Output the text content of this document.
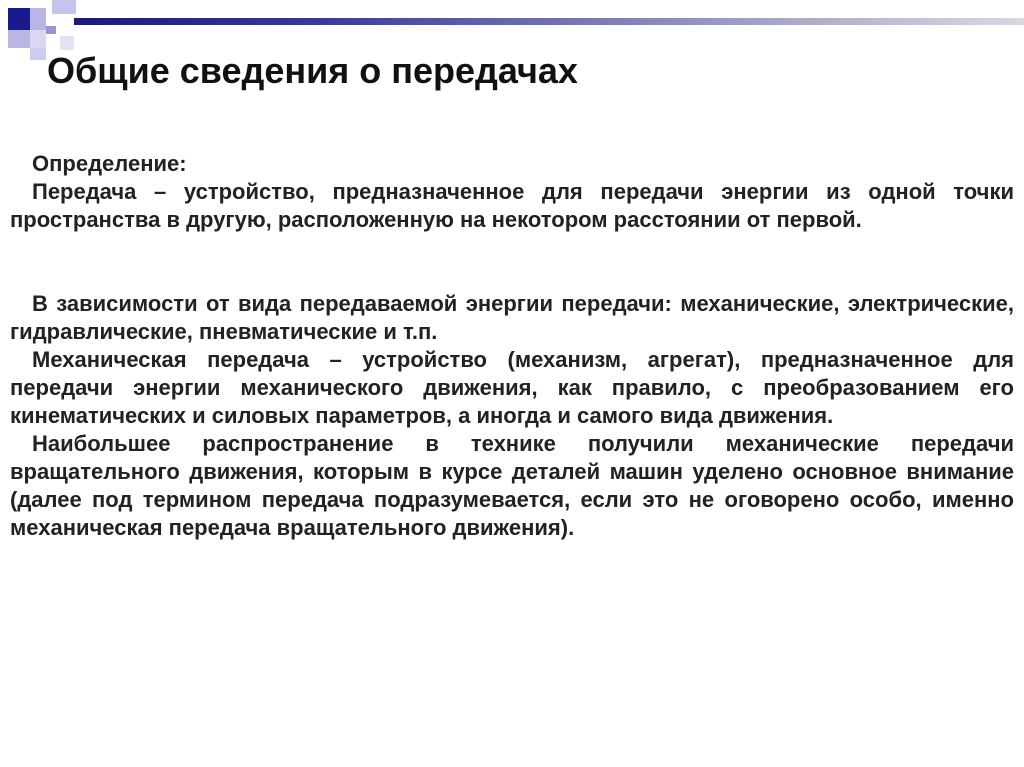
Общие сведения о передачах

Определение:

Передача – устройство, предназначенное для передачи энергии из одной точки пространства в другую, расположенную на некотором расстоянии от первой.

В зависимости от вида передаваемой энергии передачи: механические, электрические, гидравлические, пневматические и т.п.

Механическая передача – устройство (механизм, агрегат), предназначенное для передачи энергии механического движения, как правило, с преобразованием его кинематических и силовых параметров, а иногда и самого вида движения.

Наибольшее распространение в технике получили механические передачи вращательного движения, которым в курсе деталей машин уделено основное внимание (далее под термином передача подразумевается, если это не оговорено особо, именно механическая передача вращательного движения).
